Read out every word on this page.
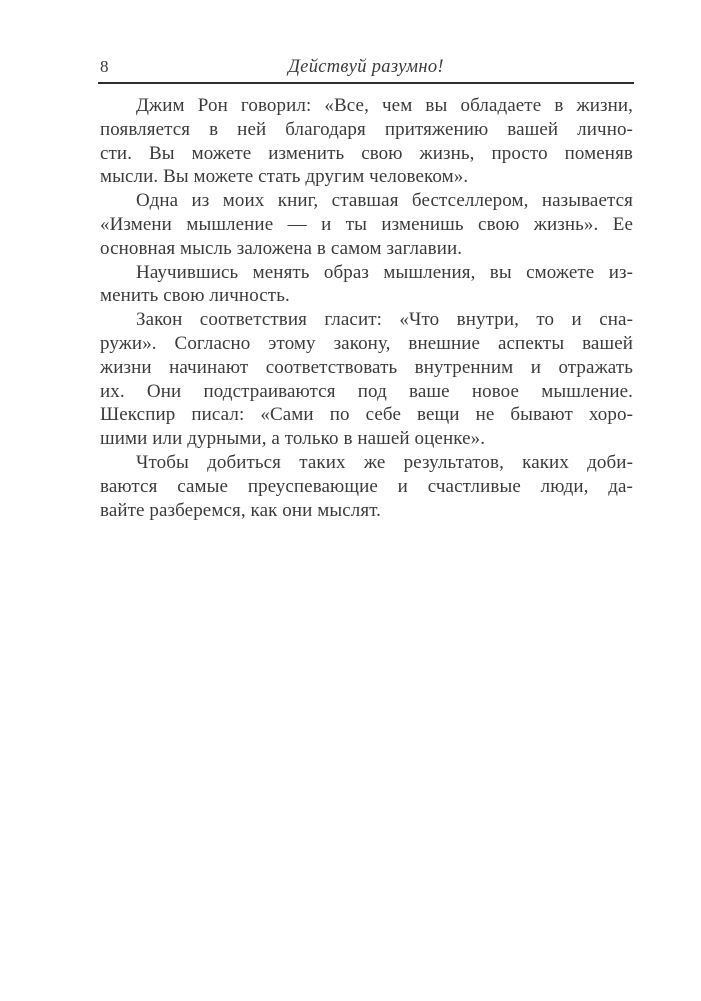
8	Действуй разумно!
Джим Рон говорил: «Все, чем вы обладаете в жизни,
появляется в ней благодаря притяжению вашей лично-
сти. Вы можете изменить свою жизнь, просто поменяв
мысли. Вы можете стать другим человеком».
Одна из моих книг, ставшая бестселлером, называется
«Измени мышление — и ты изменишь свою жизнь». Ее
основная мысль заложена в самом заглавии.
Научившись менять образ мышления, вы сможете из-
менить свою личность.
Закон соответствия гласит: «Что внутри, то и сна-
ружи». Согласно этому закону, внешние аспекты вашей
жизни начинают соответствовать внутренним и отражать
их. Они подстраиваются под ваше новое мышление.
Шекспир писал: «Сами по себе вещи не бывают хоро-
шими или дурными, а только в нашей оценке».
Чтобы добиться таких же результатов, каких доби-
ваются самые преуспевающие и счастливые люди, да-
вайте разберемся, как они мыслят.
